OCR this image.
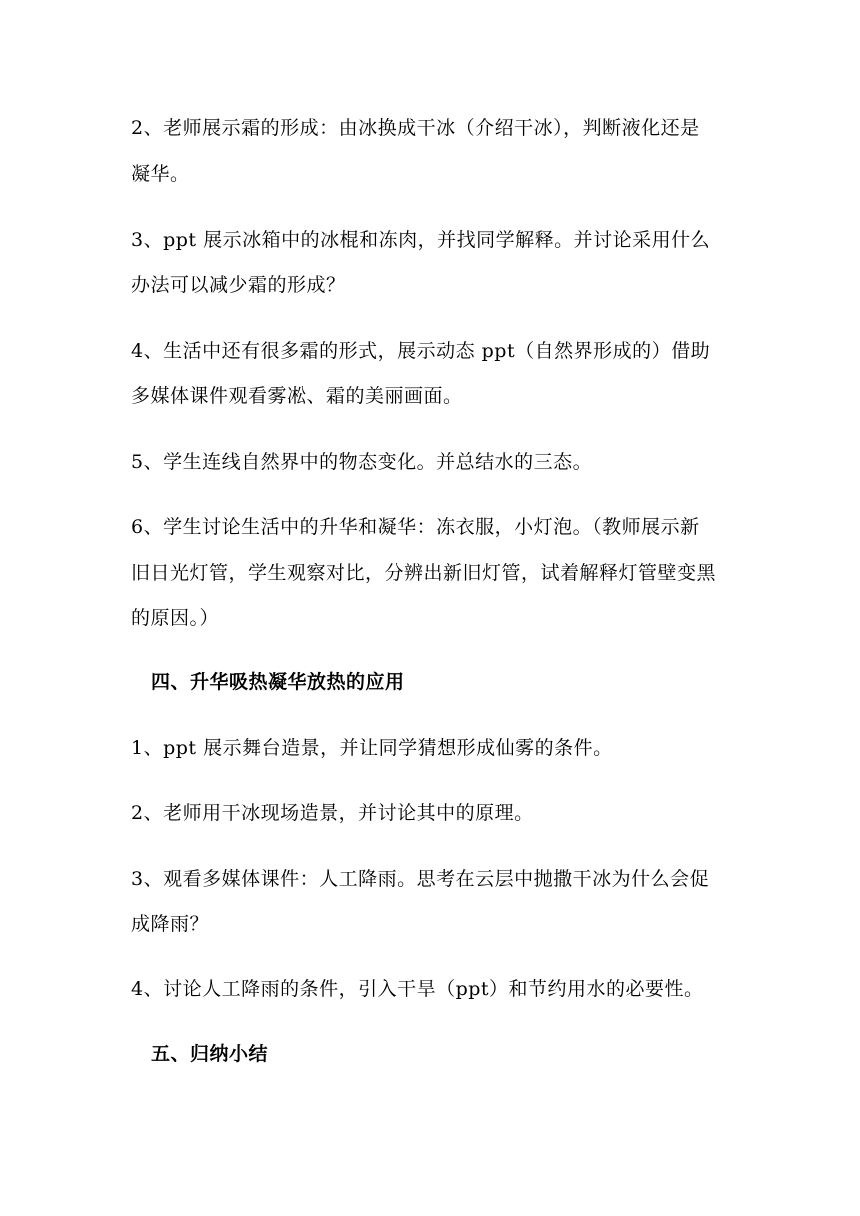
2、老师展示霜的形成：由冰换成干冰（介绍干冰），判断液化还是
凝华。
3、ppt 展示冰箱中的冰棍和冻肉，并找同学解释。并讨论采用什么
办法可以减少霜的形成？
4、生活中还有很多霜的形式，展示动态 ppt（自然界形成的）借助
多媒体课件观看雾凇、霜的美丽画面。
5、学生连线自然界中的物态变化。并总结水的三态。
6、学生讨论生活中的升华和凝华：冻衣服，小灯泡。（教师展示新
旧日光灯管，学生观察对比，分辨出新旧灯管，试着解释灯管壁变黑
的原因。）
四、升华吸热凝华放热的应用
1、ppt 展示舞台造景，并让同学猜想形成仙雾的条件。
2、老师用干冰现场造景，并讨论其中的原理。
3、观看多媒体课件：人工降雨。思考在云层中抛撒干冰为什么会促
成降雨？
4、讨论人工降雨的条件，引入干旱（ppt）和节约用水的必要性。
五、归纳小结
